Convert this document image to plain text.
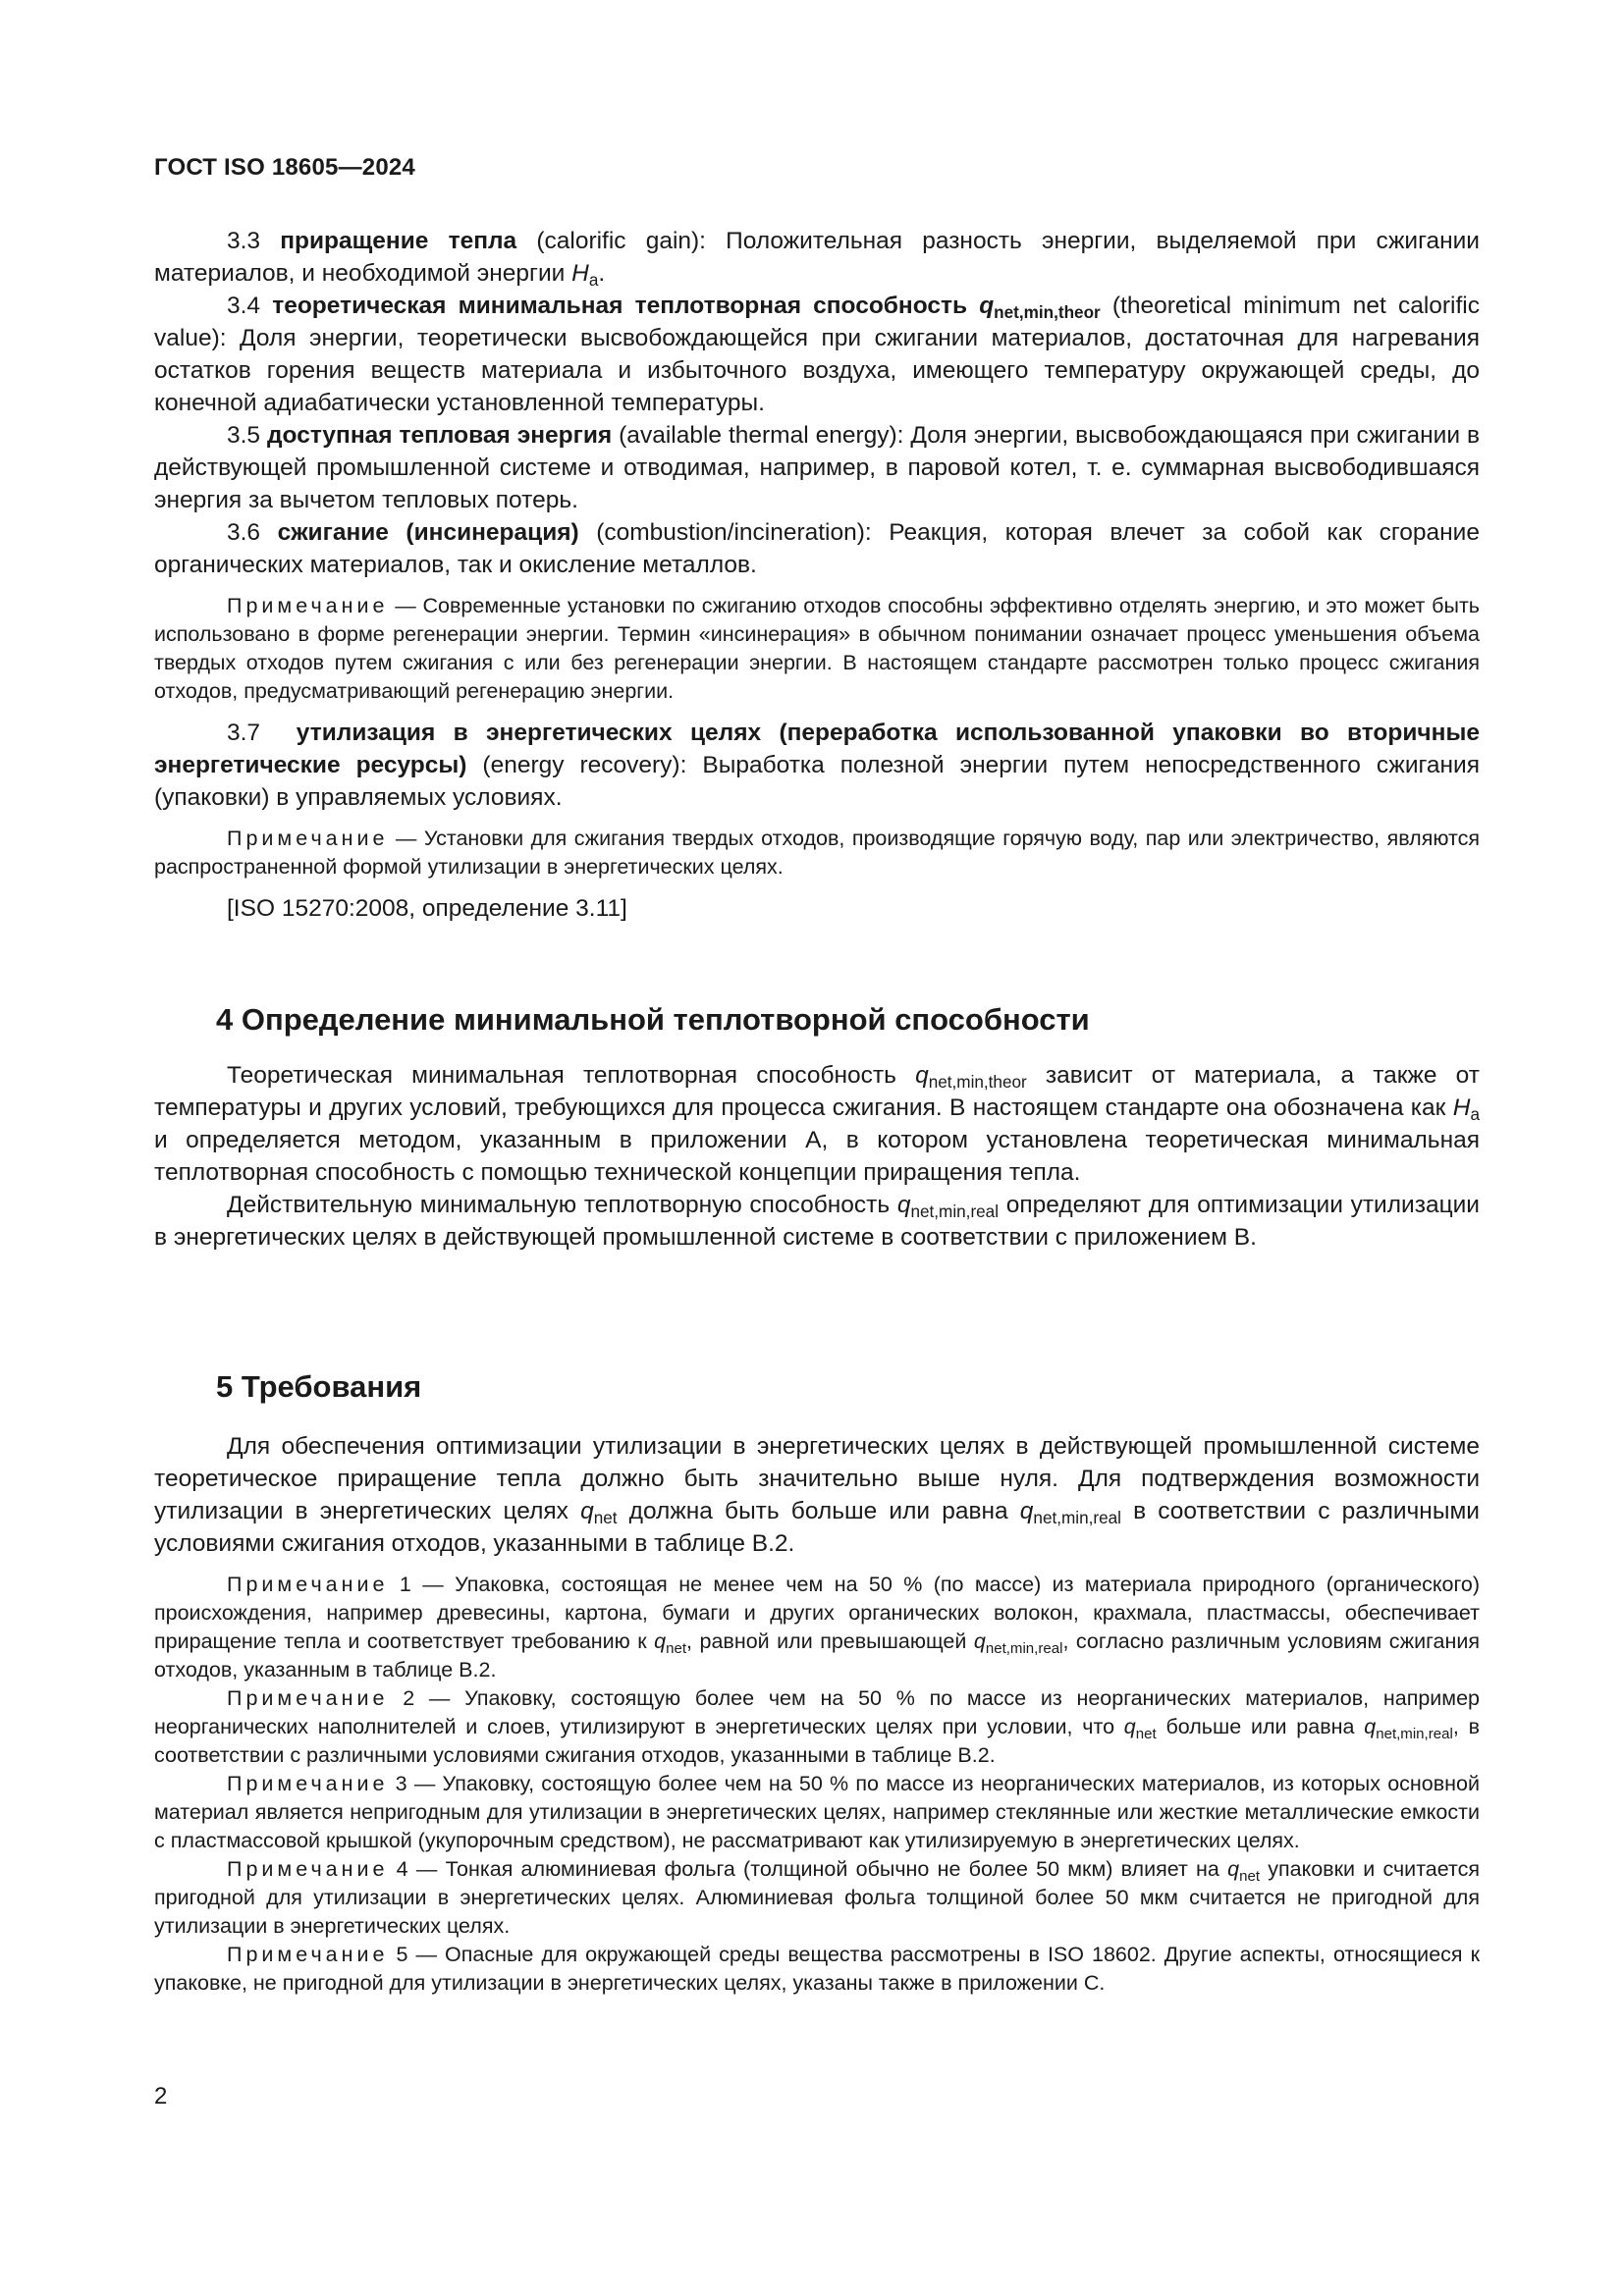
ГОСТ ISO 18605—2024

3.3 приращение тепла (calorific gain): Положительная разность энергии, выделяемой при сжигании материалов, и необходимой энергии $H_a$.

3.4 теоретическая минимальная теплотворная способность $q_{net,min,theor}$ (theoretical minimum net calorific value): Доля энергии, теоретически высвобождающейся при сжигании материалов, достаточная для нагревания остатков горения веществ материала и избыточного воздуха, имеющего температуру окружающей среды, до конечной адиабатически установленной температуры.

3.5 доступная тепловая энергия (available thermal energy): Доля энергии, высвобождающаяся при сжигании в действующей промышленной системе и отводимая, например, в паровой котел, т. е. суммарная высвободившаяся энергия за вычетом тепловых потерь.

3.6 сжигание (инсинерация) (combustion/incineration): Реакция, которая влечет за собой как сгорание органических материалов, так и окисление металлов.

Примечание — Современные установки по сжиганию отходов способны эффективно отделять энергию, и это может быть использовано в форме регенерации энергии. Термин «инсинерация» в обычном понимании означает процесс уменьшения объема твердых отходов путем сжигания с или без регенерации энергии. В настоящем стандарте рассмотрен только процесс сжигания отходов, предусматривающий регенерацию энергии.

3.7 утилизация в энергетических целях (переработка использованной упаковки во вторичные энергетические ресурсы) (energy recovery): Выработка полезной энергии путем непосредственного сжигания (упаковки) в управляемых условиях.

Примечание — Установки для сжигания твердых отходов, производящие горячую воду, пар или электричество, являются распространенной формой утилизации в энергетических целях.

[ISO 15270:2008, определение 3.11]

4 Определение минимальной теплотворной способности

Теоретическая минимальная теплотворная способность $q_{net,min,theor}$ зависит от материала, а также от температуры и других условий, требующихся для процесса сжигания. В настоящем стандарте она обозначена как $H_a$ и определяется методом, указанным в приложении А, в котором установлена теоретическая минимальная теплотворная способность с помощью технической концепции приращения тепла.

Действительную минимальную теплотворную способность $q_{net,min,real}$ определяют для оптимизации утилизации в энергетических целях в действующей промышленной системе в соответствии с приложением В.

5 Требования

Для обеспечения оптимизации утилизации в энергетических целях в действующей промышленной системе теоретическое приращение тепла должно быть значительно выше нуля. Для подтверждения возможности утилизации в энергетических целях $q_{net}$ должна быть больше или равна $q_{net,min,real}$ в соответствии с различными условиями сжигания отходов, указанными в таблице В.2.

Примечание 1 — Упаковка, состоящая не менее чем на 50 % (по массе) из материала природного (органического) происхождения, например древесины, картона, бумаги и других органических волокон, крахмала, пластмассы, обеспечивает приращение тепла и соответствует требованию к $q_{net}$, равной или превышающей $q_{net,min,real}$, согласно различным условиям сжигания отходов, указанным в таблице В.2.

Примечание 2 — Упаковку, состоящую более чем на 50 % по массе из неорганических материалов, например неорганических наполнителей и слоев, утилизируют в энергетических целях при условии, что $q_{net}$ больше или равна $q_{net,min,real}$, в соответствии с различными условиями сжигания отходов, указанными в таблице В.2.

Примечание 3 — Упаковку, состоящую более чем на 50 % по массе из неорганических материалов, из которых основной материал является непригодным для утилизации в энергетических целях, например стеклянные или жесткие металлические емкости с пластмассовой крышкой (укупорочным средством), не рассматривают как утилизируемую в энергетических целях.

Примечание 4 — Тонкая алюминиевая фольга (толщиной обычно не более 50 мкм) влияет на $q_{net}$ упаковки и считается пригодной для утилизации в энергетических целях. Алюминиевая фольга толщиной более 50 мкм считается не пригодной для утилизации в энергетических целях.

Примечание 5 — Опасные для окружающей среды вещества рассмотрены в ISO 18602. Другие аспекты, относящиеся к упаковке, не пригодной для утилизации в энергетических целях, указаны также в приложении С.

2
